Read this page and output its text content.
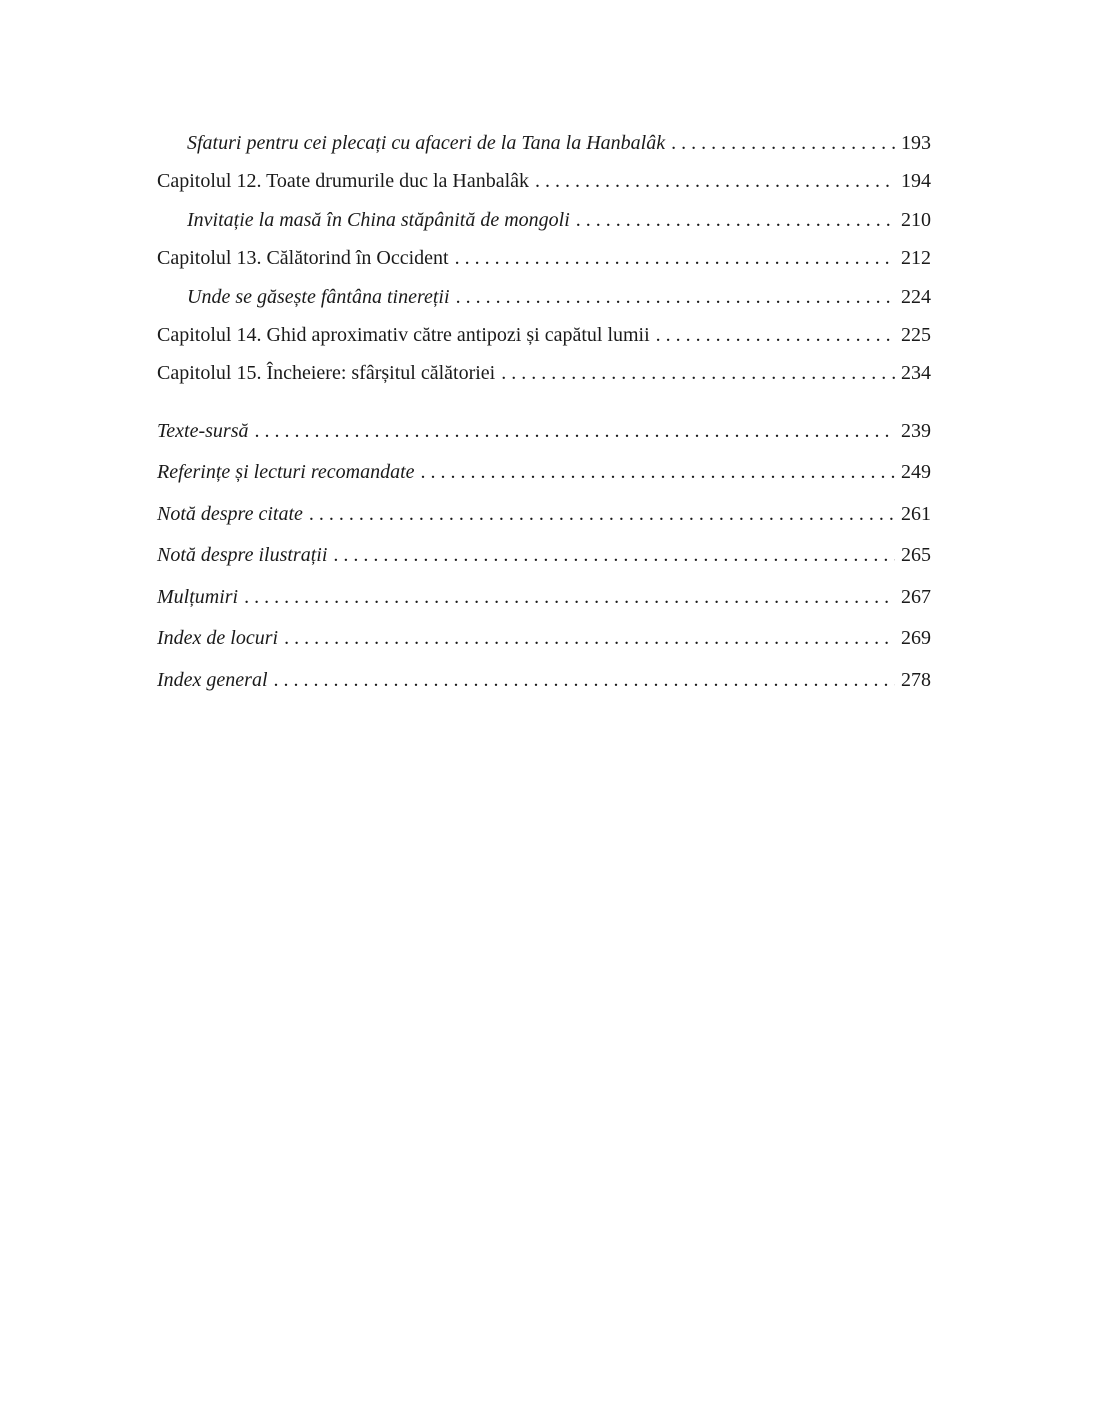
Sfaturi pentru cei plecați cu afaceri de la Tana la Hanbalâk . . .	193
Capitolul 12. Toate drumurile duc la Hanbalâk . . .	194
Invitație la masă în China stăpânită de mongoli . . .	210
Capitolul 13. Călătorind în Occident . . .	212
Unde se găsește fântâna tinereții . . .	224
Capitolul 14. Ghid aproximativ către antipozi și capătul lumii . . .	225
Capitolul 15. Încheiere: sfârșitul călătoriei . . .	234
Texte-sursă . . .	239
Referințe și lecturi recomandate . . .	249
Notă despre citate . . .	261
Notă despre ilustrații . . .	265
Mulțumiri . . .	267
Index de locuri . . .	269
Index general . . .	278
